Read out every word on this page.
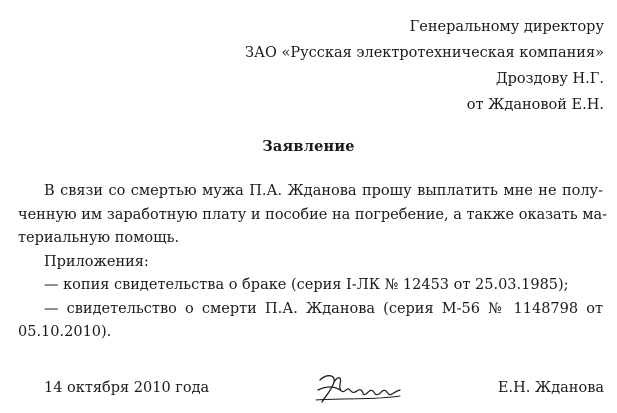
Генеральному директору
ЗАО «Русская электротехническая компания»
Дроздову Н.Г.
от Ждановой Е.Н.
Заявление
В связи со смертью мужа П.А. Жданова прошу выплатить мне не полу-
ченную им заработную плату и пособие на погребение, а также оказать ма-
териальную помощь.
Приложения:
— копия свидетельства о браке (серия I-ЛК № 12453 от 25.03.1985);
— свидетельство о смерти П.А. Жданова (серия М-56 № 1148798 от
05.10.2010).
14 октября 2010 года	Е.Н. Жданова
